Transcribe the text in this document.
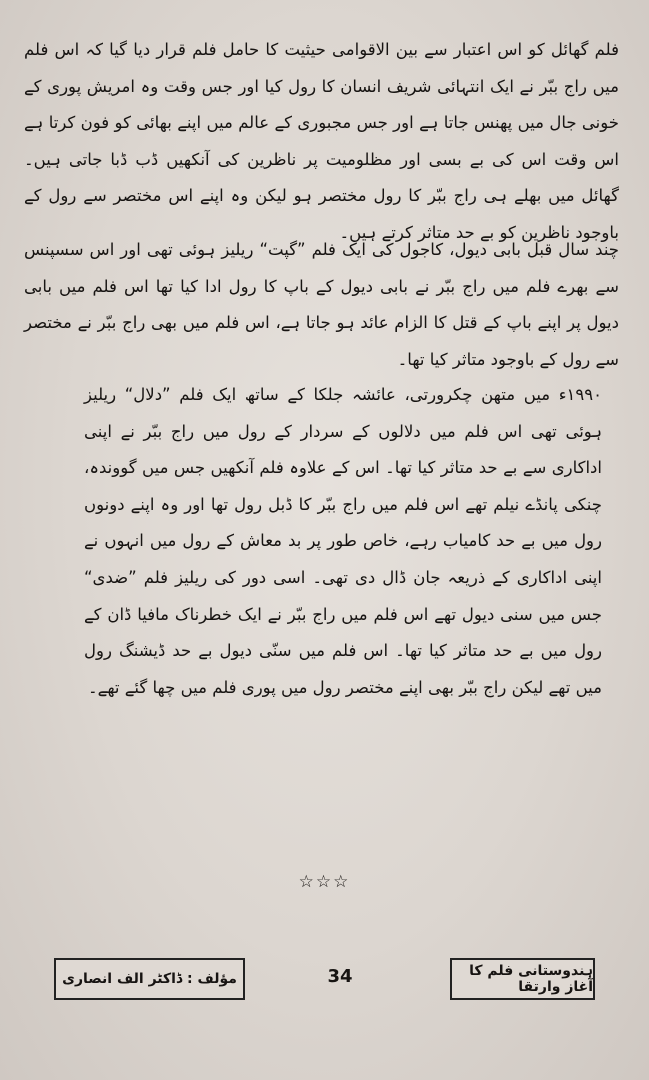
فلم گھائل کو اس اعتبار سے بین الاقوامی حیثیت کا حامل فلم قرار دیا گیا کہ اس فلم میں راج ببّر نے ایک انتہائی شریف انسان کا رول کیا اور جس وقت وہ امریش پوری کے خونی جال میں پھنس جاتا ہے اور جس مجبوری کے عالم میں اپنے بھائی کو فون کرتا ہے اس وقت اس کی بے بسی اور مظلومیت پر ناظرین کی آنکھیں ڈب ڈبا جاتی ہیں۔ گھائل میں بھلے ہی راج ببّر کا رول مختصر ہو لیکن وہ اپنے اس مختصر سے رول کے باوجود ناظرین کو بے حد متاثر کرتے ہیں۔

چند سال قبل بابی دیول، کاجول کی ایک فلم ”گپت“ ریلیز ہوئی تھی اور اس سسپنس سے بھرے فلم میں راج ببّر نے بابی دیول کے باپ کا رول ادا کیا تھا اس فلم میں بابی دیول پر اپنے باپ کے قتل کا الزام عائد ہو جاتا ہے، اس فلم میں بھی راج ببّر نے مختصر سے رول کے باوجود متاثر کیا تھا۔

۱۹۹۰ء میں متھن چکرورتی، عائشہ جلکا کے ساتھ ایک فلم ”دلال“ ریلیز ہوئی تھی اس فلم میں دلالوں کے سردار کے رول میں راج ببّر نے اپنی اداکاری سے بے حد متاثر کیا تھا۔ اس کے علاوہ فلم آنکھیں جس میں گووندہ، چنکی پانڈے نیلم تھے اس فلم میں راج ببّر کا ڈبل رول تھا اور وہ اپنے دونوں رول میں بے حد کامیاب رہے، خاص طور پر بد معاش کے رول میں انہوں نے اپنی اداکاری کے ذریعہ جان ڈال دی تھی۔ اسی دور کی ریلیز فلم ”ضدی“ جس میں سنی دیول تھے اس فلم میں راج ببّر نے ایک خطرناک مافیا ڈان کے رول میں بے حد متاثر کیا تھا۔ اس فلم میں سنّی دیول بے حد ڈیشنگ رول میں تھے لیکن راج ببّر بھی اپنے مختصر رول میں پوری فلم میں چھا گئے تھے۔

☆☆☆
مؤلف : ڈاکٹر الف انصاری	34	ہندوستانی فلم کا آغاز وارتقا
